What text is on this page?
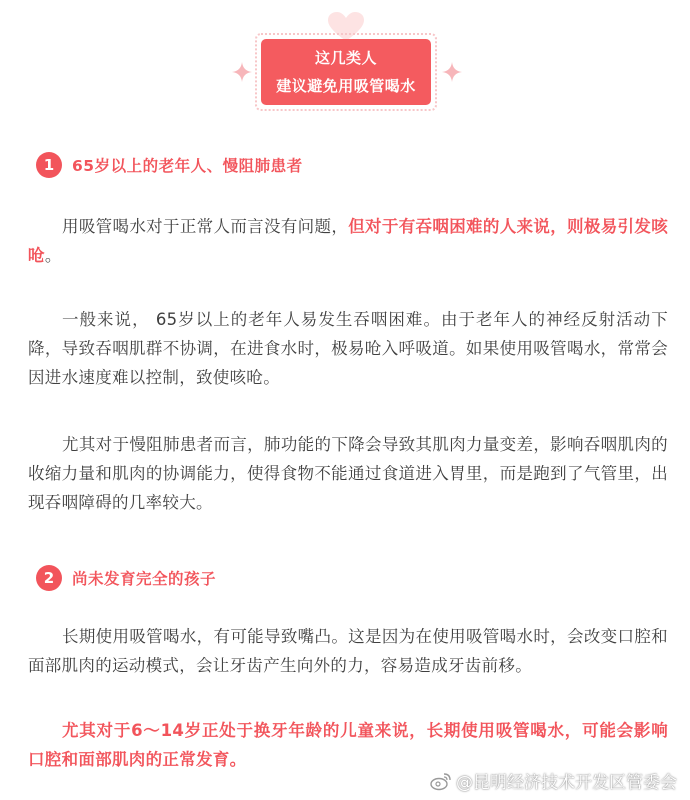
这几类人
建议避免用吸管喝水
1	65岁以上的老年人、慢阻肺患者

用吸管喝水对于正常人而言没有问题，但对于有吞咽困难的人来说，则极易引发咳呛。

一般来说， 65岁以上的老年人易发生吞咽困难。由于老年人的神经反射活动下降，导致吞咽肌群不协调，在进食水时，极易呛入呼吸道。如果使用吸管喝水，常常会因进水速度难以控制，致使咳呛。

尤其对于慢阻肺患者而言，肺功能的下降会导致其肌肉力量变差，影响吞咽肌肉的收缩力量和肌肉的协调能力，使得食物不能通过食道进入胃里，而是跑到了气管里，出现吞咽障碍的几率较大。

2	尚未发育完全的孩子

长期使用吸管喝水，有可能导致嘴凸。这是因为在使用吸管喝水时，会改变口腔和面部肌肉的运动模式，会让牙齿产生向外的力，容易造成牙齿前移。

尤其对于6～14岁正处于换牙年龄的儿童来说，长期使用吸管喝水，可能会影响口腔和面部肌肉的正常发育。

@昆明经济技术开发区管委会
